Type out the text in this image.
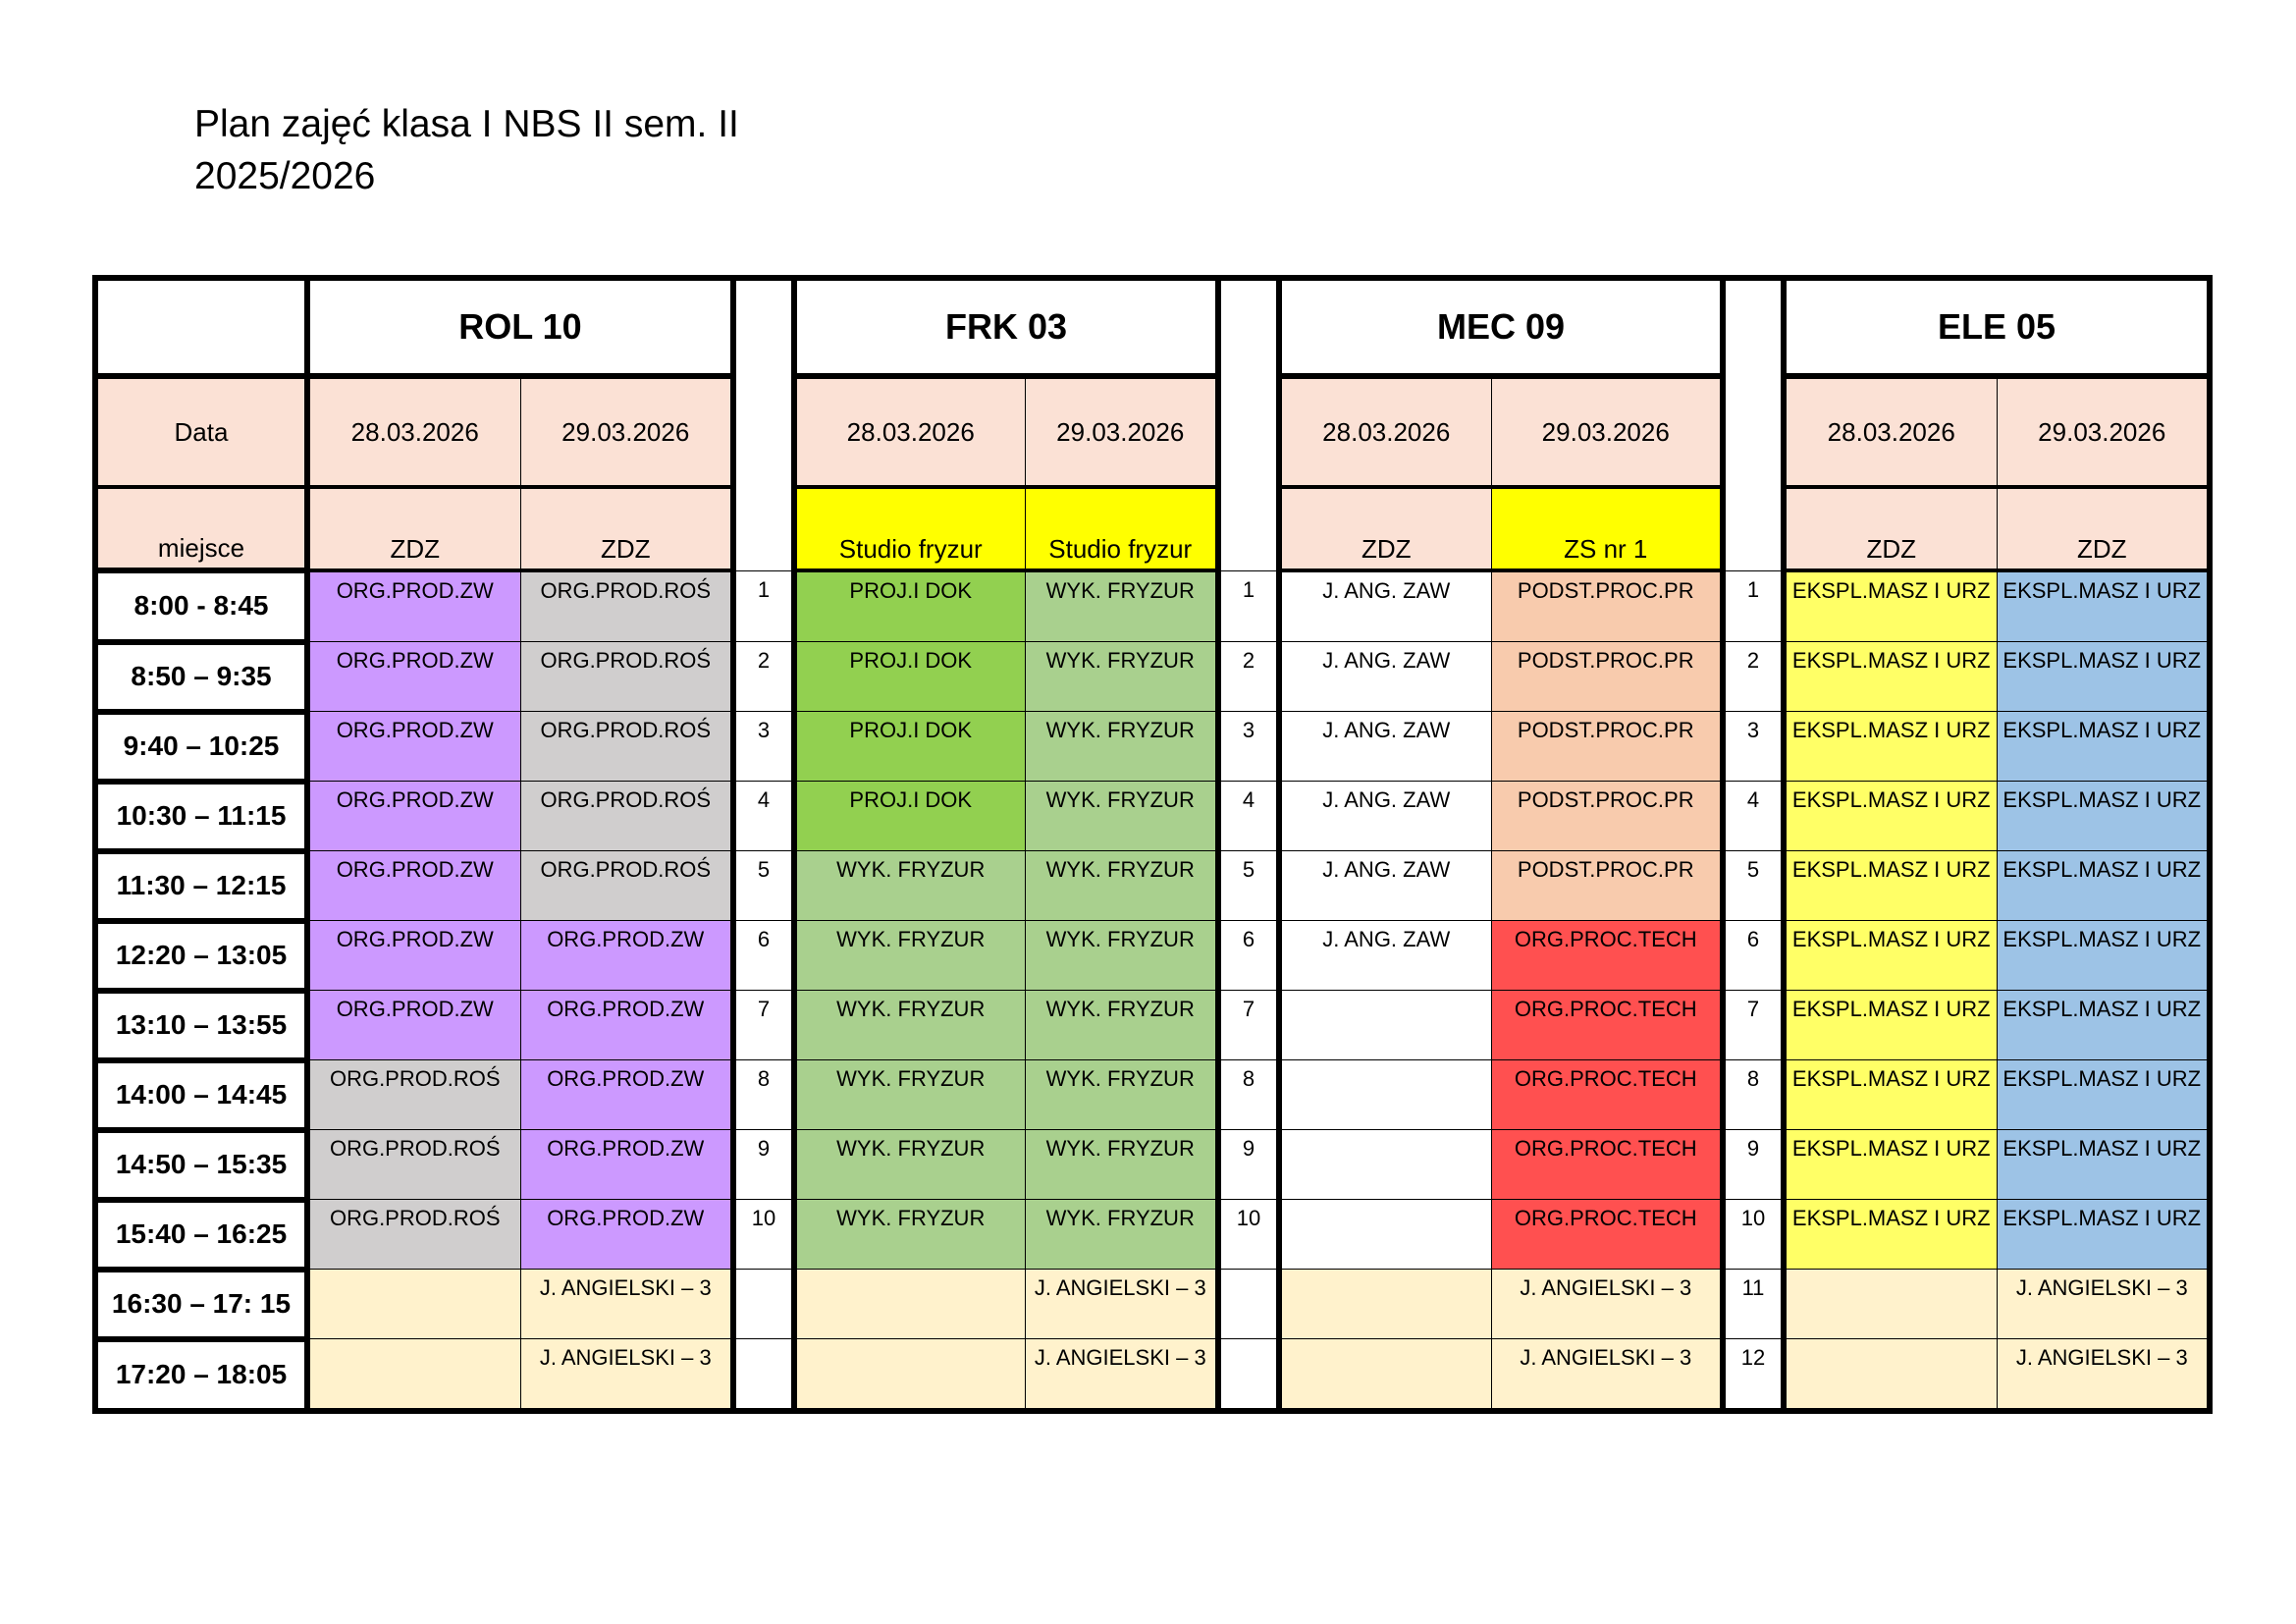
Plan zajęć klasa I NBS II sem. II
2025/2026
	ROL 10			FRK 03			MEC 09			ELE 05	
Data	28.03.2026	29.03.2026		28.03.2026	29.03.2026		28.03.2026	29.03.2026		28.03.2026	29.03.2026
miejsce	ZDZ	ZDZ		Studio fryzur	Studio fryzur		ZDZ	ZS nr 1		ZDZ	ZDZ
8:00 - 8:45	ORG.PROD.ZW	ORG.PROD.ROŚ	1	PROJ.I DOK	WYK. FRYZUR	1	J. ANG. ZAW	PODST.PROC.PR	1	EKSPL.MASZ I URZ	EKSPL.MASZ I URZ
8:50 – 9:35	ORG.PROD.ZW	ORG.PROD.ROŚ	2	PROJ.I DOK	WYK. FRYZUR	2	J. ANG. ZAW	PODST.PROC.PR	2	EKSPL.MASZ I URZ	EKSPL.MASZ I URZ
9:40 – 10:25	ORG.PROD.ZW	ORG.PROD.ROŚ	3	PROJ.I DOK	WYK. FRYZUR	3	J. ANG. ZAW	PODST.PROC.PR	3	EKSPL.MASZ I URZ	EKSPL.MASZ I URZ
10:30 – 11:15	ORG.PROD.ZW	ORG.PROD.ROŚ	4	PROJ.I DOK	WYK. FRYZUR	4	J. ANG. ZAW	PODST.PROC.PR	4	EKSPL.MASZ I URZ	EKSPL.MASZ I URZ
11:30 – 12:15	ORG.PROD.ZW	ORG.PROD.ROŚ	5	WYK. FRYZUR	WYK. FRYZUR	5	J. ANG. ZAW	PODST.PROC.PR	5	EKSPL.MASZ I URZ	EKSPL.MASZ I URZ
12:20 – 13:05	ORG.PROD.ZW	ORG.PROD.ZW	6	WYK. FRYZUR	WYK. FRYZUR	6	J. ANG. ZAW	ORG.PROC.TECH	6	EKSPL.MASZ I URZ	EKSPL.MASZ I URZ
13:10 – 13:55	ORG.PROD.ZW	ORG.PROD.ZW	7	WYK. FRYZUR	WYK. FRYZUR	7		ORG.PROC.TECH	7	EKSPL.MASZ I URZ	EKSPL.MASZ I URZ
14:00 – 14:45	ORG.PROD.ROŚ	ORG.PROD.ZW	8	WYK. FRYZUR	WYK. FRYZUR	8		ORG.PROC.TECH	8	EKSPL.MASZ I URZ	EKSPL.MASZ I URZ
14:50 – 15:35	ORG.PROD.ROŚ	ORG.PROD.ZW	9	WYK. FRYZUR	WYK. FRYZUR	9		ORG.PROC.TECH	9	EKSPL.MASZ I URZ	EKSPL.MASZ I URZ
15:40 – 16:25	ORG.PROD.ROŚ	ORG.PROD.ZW	10	WYK. FRYZUR	WYK. FRYZUR	10		ORG.PROC.TECH	10	EKSPL.MASZ I URZ	EKSPL.MASZ I URZ
16:30 – 17: 15		J. ANGIELSKI – 3			J. ANGIELSKI – 3			J. ANGIELSKI – 3	11		J. ANGIELSKI – 3
17:20 – 18:05		J. ANGIELSKI – 3			J. ANGIELSKI – 3			J. ANGIELSKI – 3	12		J. ANGIELSKI – 3
